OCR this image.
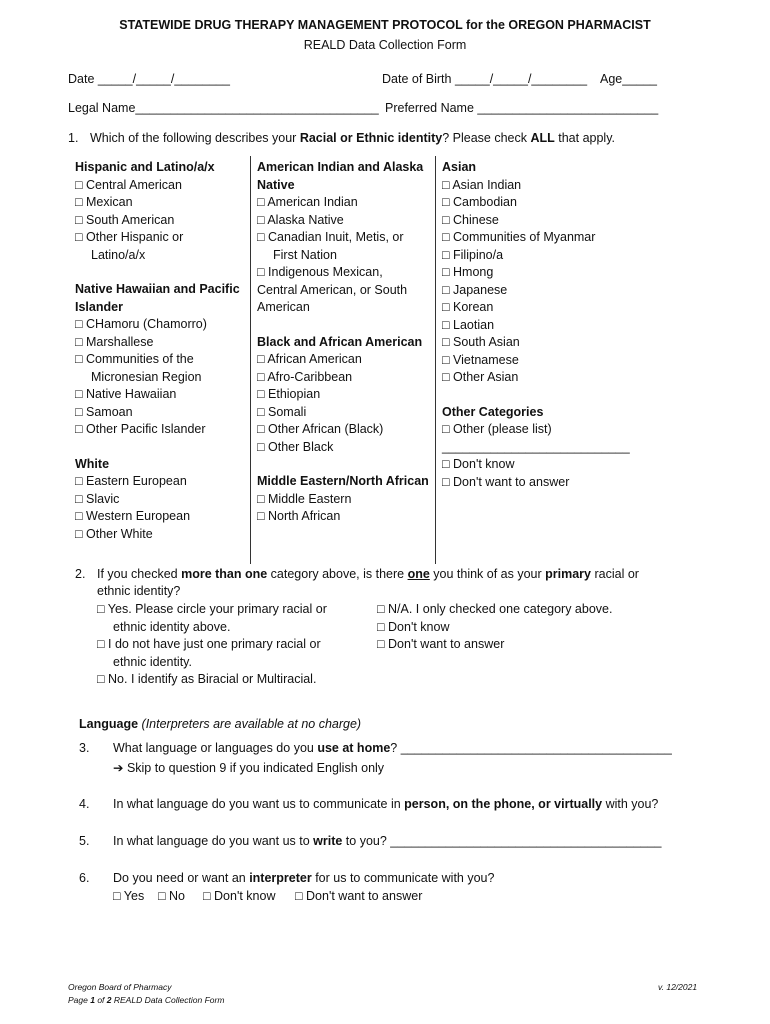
STATEWIDE DRUG THERAPY MANAGEMENT PROTOCOL for the OREGON PHARMACIST
REALD Data Collection Form
Date _____/_____/________	Date of Birth _____/_____/________ Age_____
Legal Name___________________________________ Preferred Name __________________________
1. Which of the following describes your Racial or Ethnic identity? Please check ALL that apply.
Hispanic and Latino/a/x
□ Central American
□ Mexican
□ South American
□ Other Hispanic or
Latino/a/x
Native Hawaiian and Pacific
Islander
□ CHamoru (Chamorro)
□ Marshallese
□ Communities of the
Micronesian Region
□ Native Hawaiian
□ Samoan
□ Other Pacific Islander
White
□ Eastern European
□ Slavic
□ Western European
□ Other White
American Indian and Alaska
Native
□ American Indian
□ Alaska Native
□ Canadian Inuit, Metis, or
First Nation
□ Indigenous Mexican,
Central American, or South
American
Black and African American
□ African American
□ Afro-Caribbean
□ Ethiopian
□ Somali
□ Other African (Black)
□ Other Black
Middle Eastern/North African
□ Middle Eastern
□ North African
Asian
□ Asian Indian
□ Cambodian
□ Chinese
□ Communities of Myanmar
□ Filipino/a
□ Hmong
□ Japanese
□ Korean
□ Laotian
□ South Asian
□ Vietnamese
□ Other Asian
Other Categories
□ Other (please list)
___________________________
□ Don't know
□ Don't want to answer
2. If you checked more than one category above, is there one you think of as your primary racial or
ethnic identity?
□ Yes. Please circle your primary racial or
ethnic identity above.
□ I do not have just one primary racial or
ethnic identity.
□ No. I identify as Biracial or Multiracial.
□ N/A. I only checked one category above.
□ Don't know
□ Don't want to answer
Language (Interpreters are available at no charge)
3. What language or languages do you use at home? _______________________________________
➔ Skip to question 9 if you indicated English only
4. In what language do you want us to communicate in person, on the phone, or virtually with you?
5. In what language do you want us to write to you? _______________________________________
6. Do you need or want an interpreter for us to communicate with you?
□ Yes □ No □ Don't know □ Don't want to answer
Oregon Board of Pharmacy
Page 1 of 2 REALD Data Collection Form
v. 12/2021
